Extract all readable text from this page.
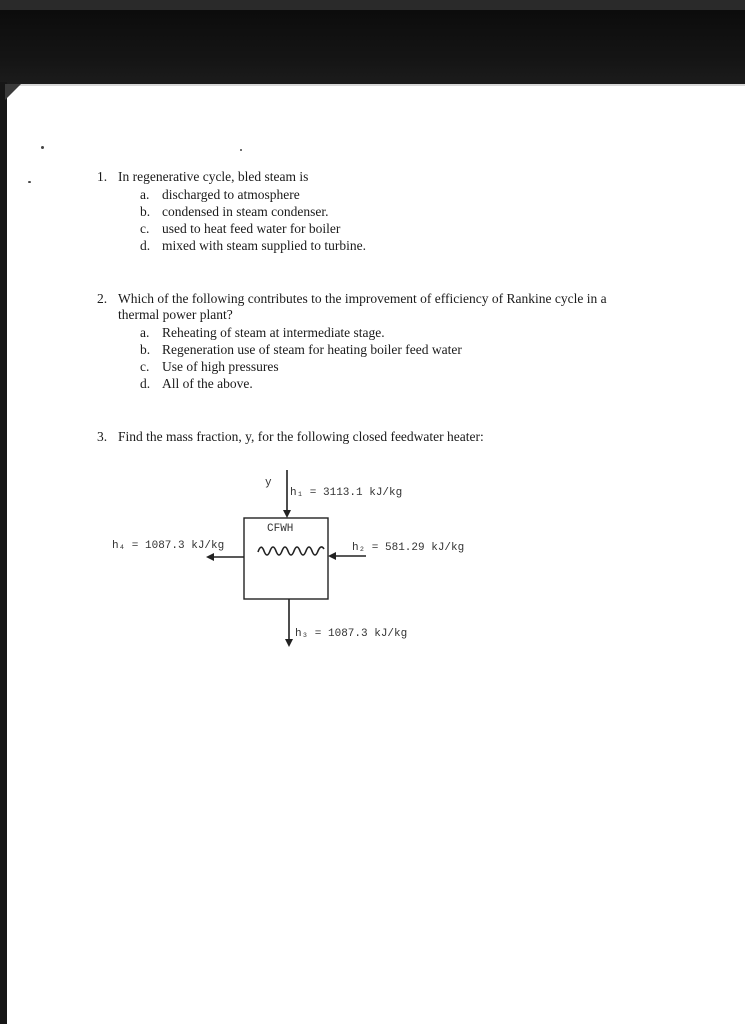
1. In regenerative cycle, bled steam is
a. discharged to atmosphere
b. condensed in steam condenser.
c. used to heat feed water for boiler
d. mixed with steam supplied to turbine.
2. Which of the following contributes to the improvement of efficiency of Rankine cycle in a
thermal power plant?
a. Reheating of steam at intermediate stage.
b. Regeneration use of steam for heating boiler feed water
c. Use of high pressures
d. All of the above.
3. Find the mass fraction, y, for the following closed feedwater heater:
CFWH
y
h₁ = 3113.1 kJ/kg
h₂ = 581.29 kJ/kg
h₄ = 1087.3 kJ/kg
h₃ = 1087.3 kJ/kg
